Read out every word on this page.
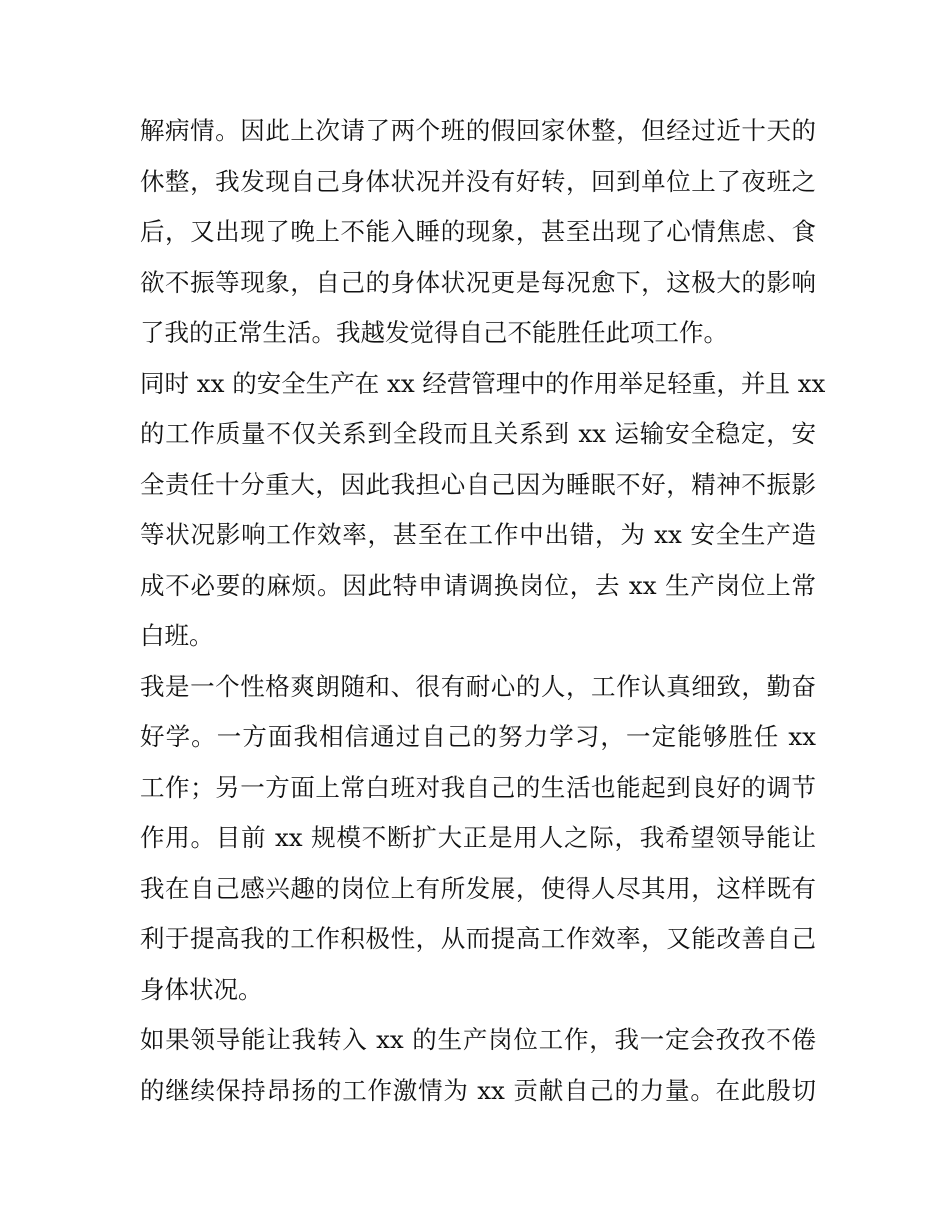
解病情。因此上次请了两个班的假回家休整，但经过近十天的
休整，我发现自己身体状况并没有好转，回到单位上了夜班之
后，又出现了晚上不能入睡的现象，甚至出现了心情焦虑、食
欲不振等现象，自己的身体状况更是每况愈下，这极大的影响
了我的正常生活。我越发觉得自己不能胜任此项工作。
同时 xx 的安全生产在 xx 经营管理中的作用举足轻重，并且 xx
的工作质量不仅关系到全段而且关系到 xx 运输安全稳定，安
全责任十分重大，因此我担心自己因为睡眠不好，精神不振影
等状况影响工作效率，甚至在工作中出错，为 xx 安全生产造
成不必要的麻烦。因此特申请调换岗位，去 xx 生产岗位上常
白班。
我是一个性格爽朗随和、很有耐心的人，工作认真细致，勤奋
好学。一方面我相信通过自己的努力学习，一定能够胜任 xx
工作；另一方面上常白班对我自己的生活也能起到良好的调节
作用。目前 xx 规模不断扩大正是用人之际，我希望领导能让
我在自己感兴趣的岗位上有所发展，使得人尽其用，这样既有
利于提高我的工作积极性，从而提高工作效率，又能改善自己
身体状况。
如果领导能让我转入 xx 的生产岗位工作，我一定会孜孜不倦
的继续保持昂扬的工作激情为 xx 贡献自己的力量。在此殷切
